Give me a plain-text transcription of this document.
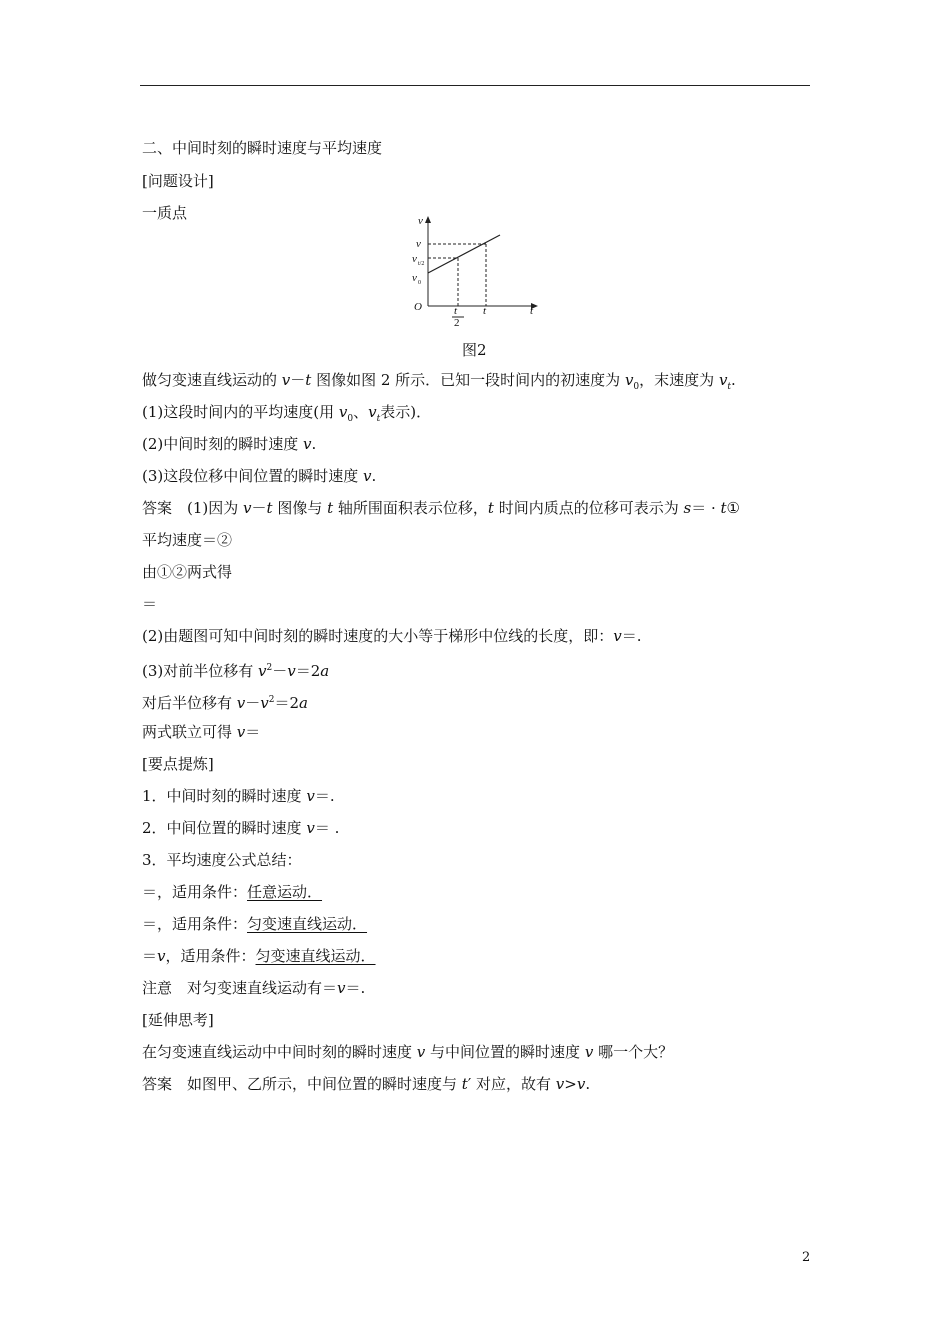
二、中间时刻的瞬时速度与平均速度
[问题设计]
一质点	v
v
v
v
t
2
t	t
t/2
0
O
图2
做匀变速直线运动的 v－t 图像如图 2 所示．已知一段时间内的初速度为 $v_0$，末速度为 $v_t$.
(1)这段时间内的平均速度(用 $v_0$、$v_t$表示)．
(2)中间时刻的瞬时速度 v.
(3)这段位移中间位置的瞬时速度 v.
答案　(1)因为 v－t 图像与 t 轴所围面积表示位移，t 时间内质点的位移可表示为 s＝ · t①
平均速度＝②
由①②两式得
＝
(2)由题图可知中间时刻的瞬时速度的大小等于梯形中位线的长度，即：v＝.
(3)对前半位移有 $v^2-v=2a$
对后半位移有 $v-v^2=2a$
两式联立可得 v＝
[要点提炼]
1．中间时刻的瞬时速度 v＝.
2．中间位置的瞬时速度 v＝ .
3．平均速度公式总结：
＝，适用条件：任意运动．
＝，适用条件：匀变速直线运动．
＝v，适用条件：匀变速直线运动．
注意　对匀变速直线运动有＝v＝.
[延伸思考]
在匀变速直线运动中中间时刻的瞬时速度 v 与中间位置的瞬时速度 v 哪一个大？
答案　如图甲、乙所示，中间位置的瞬时速度与 t′ 对应，故有 v>v.
2
